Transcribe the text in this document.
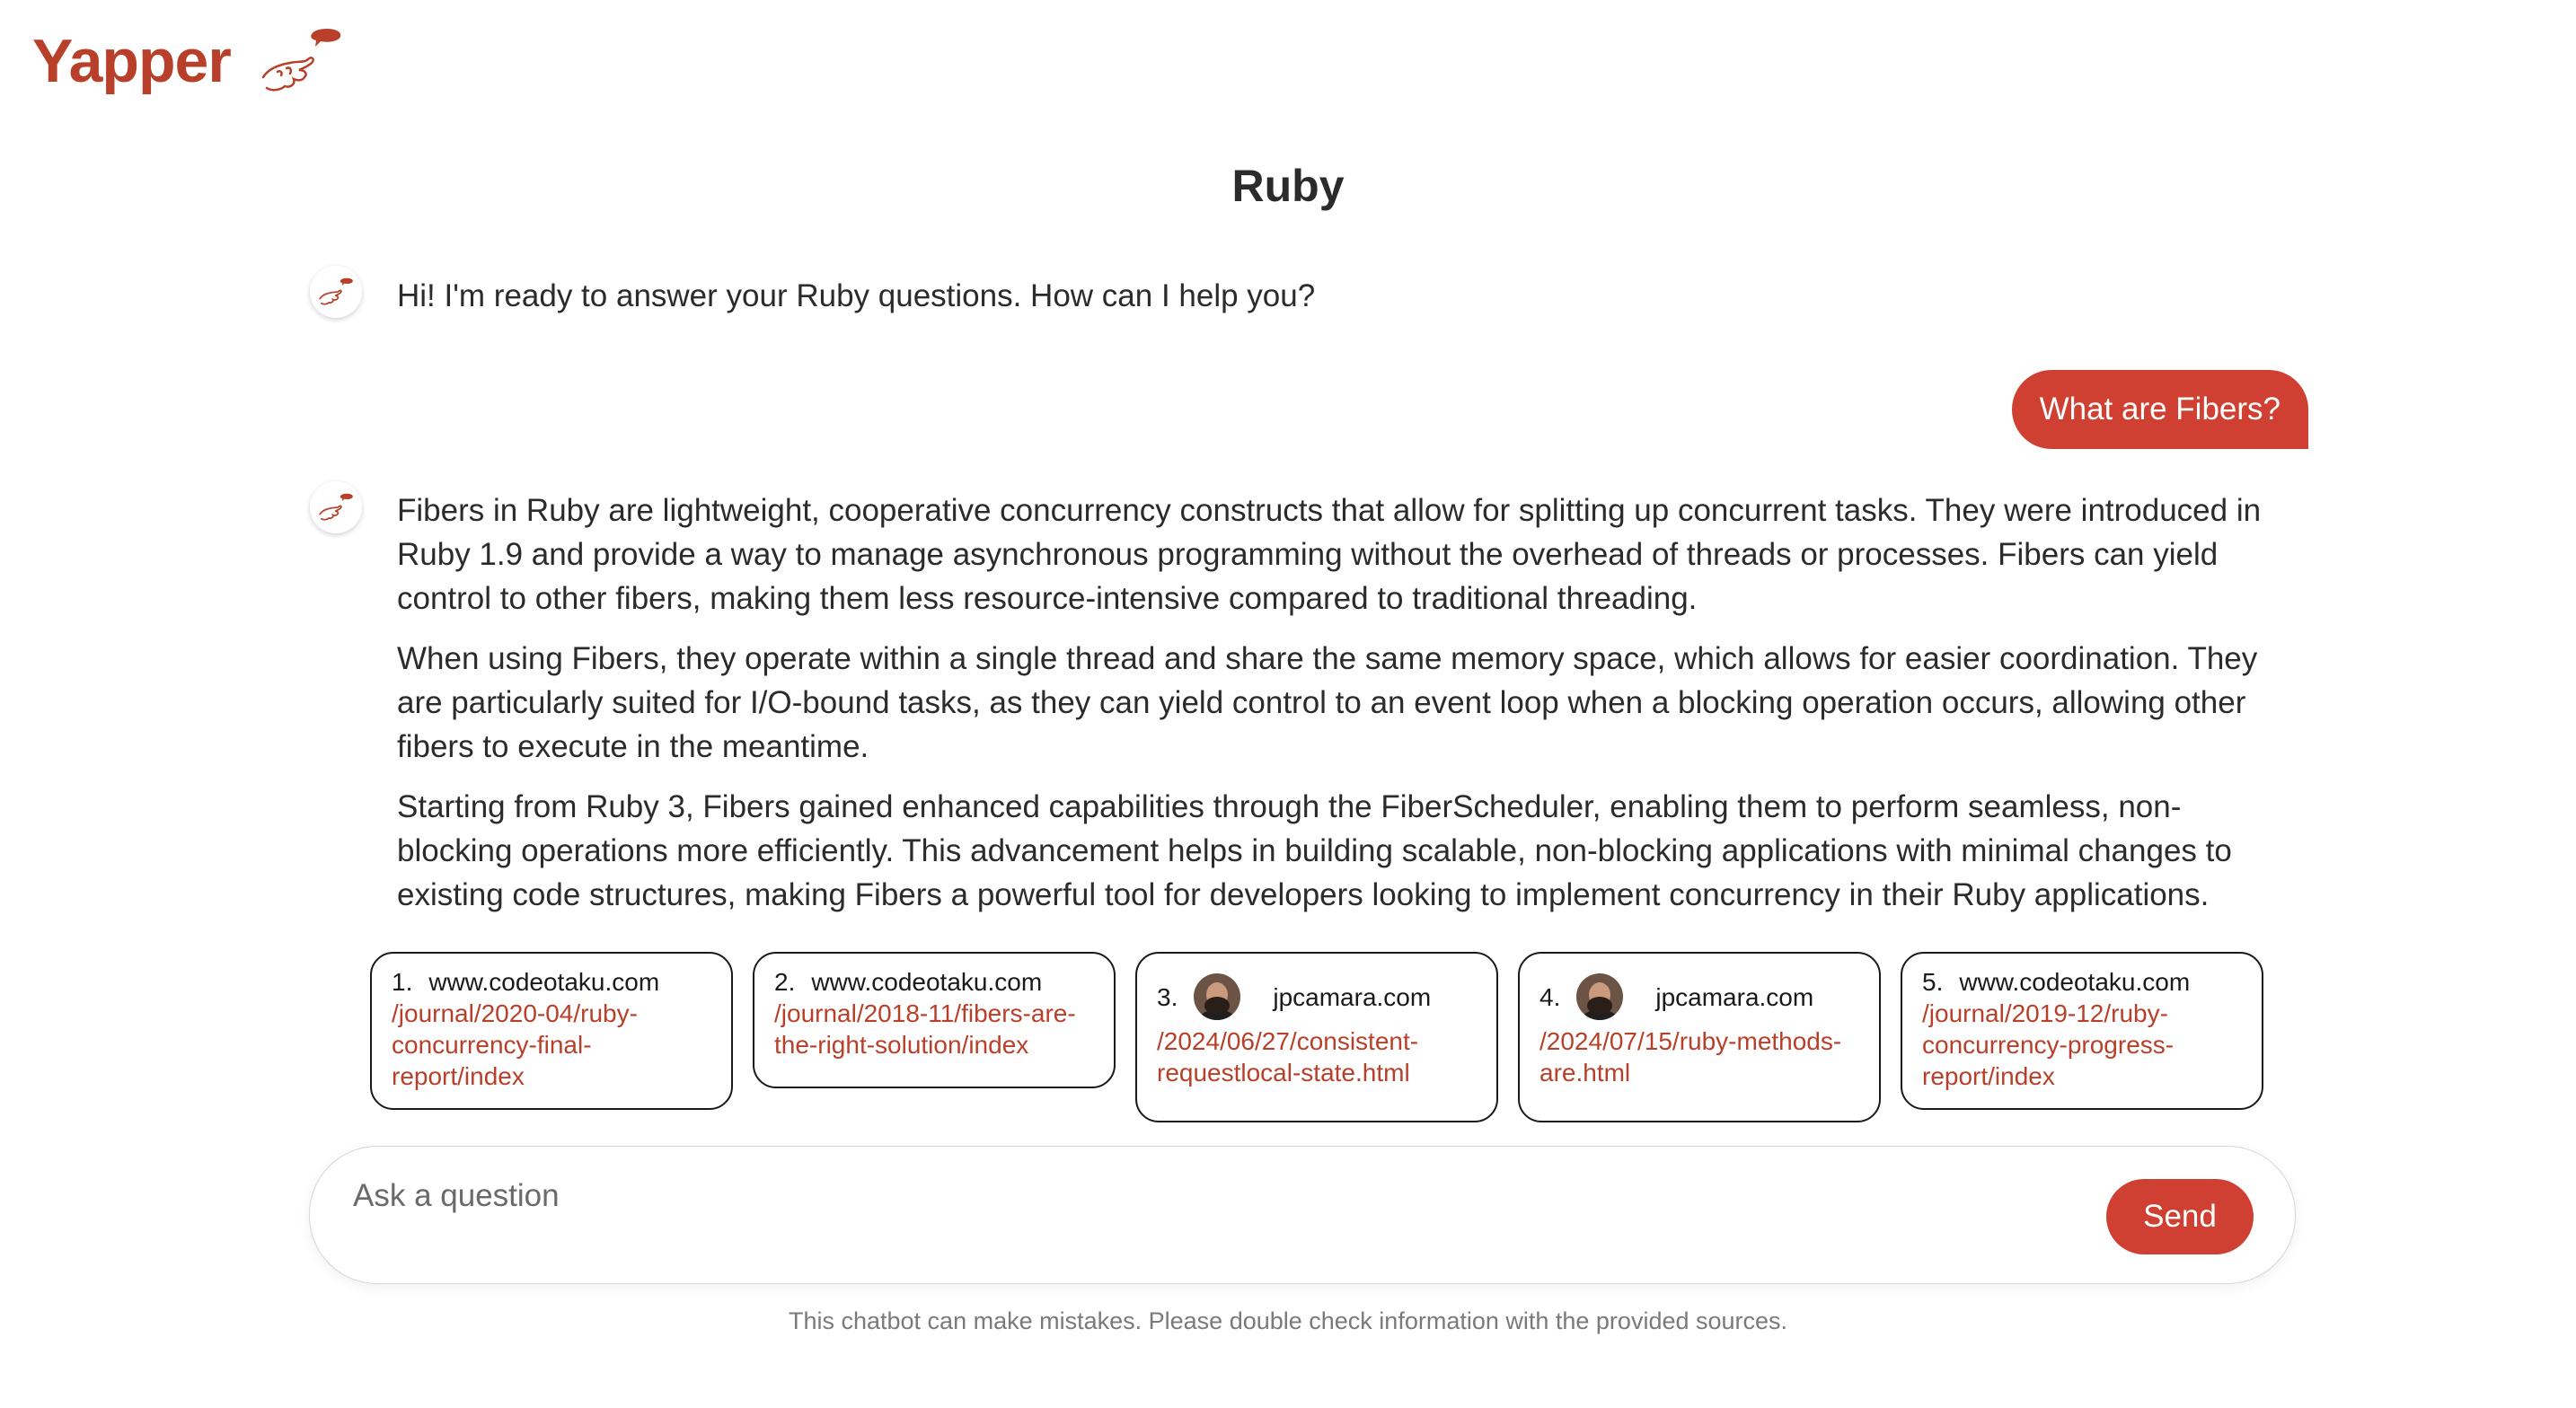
Yapper
Ruby

Hi! I'm ready to answer your Ruby questions. How can I help you?

What are Fibers?

Fibers in Ruby are lightweight, cooperative concurrency constructs that allow for splitting up concurrent tasks. They were introduced in Ruby 1.9 and provide a way to manage asynchronous programming without the overhead of threads or processes. Fibers can yield control to other fibers, making them less resource-intensive compared to traditional threading.

When using Fibers, they operate within a single thread and share the same memory space, which allows for easier coordination. They are particularly suited for I/O-bound tasks, as they can yield control to an event loop when a blocking operation occurs, allowing other fibers to execute in the meantime.

Starting from Ruby 3, Fibers gained enhanced capabilities through the FiberScheduler, enabling them to perform seamless, non-blocking operations more efficiently. This advancement helps in building scalable, non-blocking applications with minimal changes to existing code structures, making Fibers a powerful tool for developers looking to implement concurrency in their Ruby applications.

1. www.codeotaku.com
/journal/2020-04/ruby-concurrency-final-report/index
2. www.codeotaku.com
/journal/2018-11/fibers-are-the-right-solution/index
3.	jpcamara.com
/2024/06/27/consistent-requestlocal-state.html
4.	jpcamara.com
/2024/07/15/ruby-methods-are.html
5. www.codeotaku.com
/journal/2019-12/ruby-concurrency-progress-report/index
Ask a question
Send
This chatbot can make mistakes. Please double check information with the provided sources.
